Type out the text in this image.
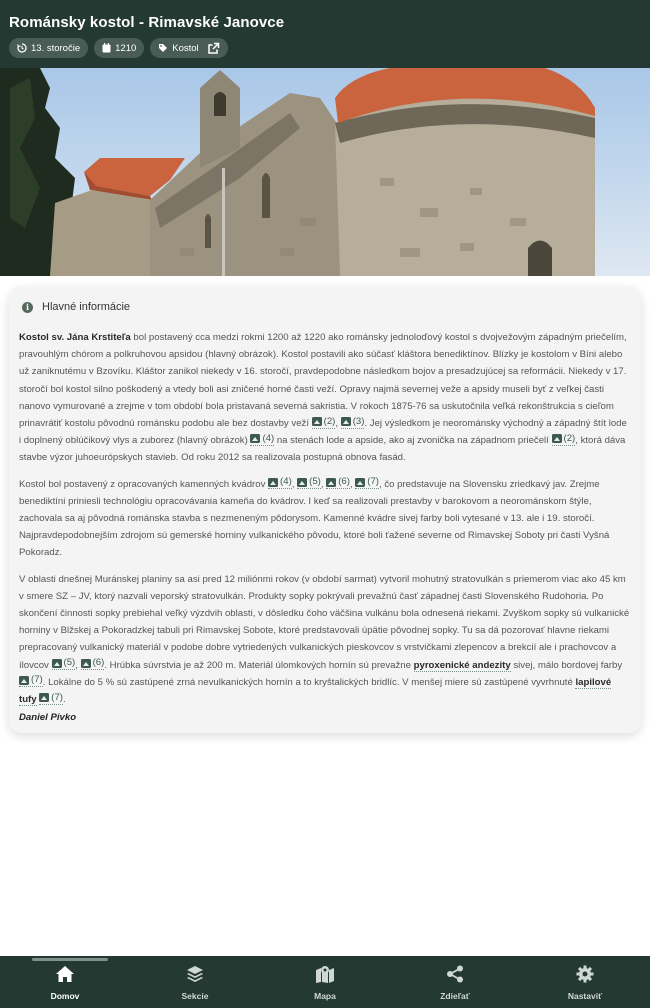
Románsky kostol - Rimavské Janovce
13. storočie	1210	Kostol
i	Hlavné informácie

Kostol sv. Jána Krstiteľa bol postavený cca medzi rokmi 1200 až 1220 ako románsky jednoloďový kostol s dvojvežovým západným priečelím, pravouhlým chórom a polkruhovou apsidou (hlavný obrázok). Kostol postavili ako súčasť kláštora benediktínov. Blízky je kostolom v Bíni alebo už zaniknutému v Bzovíku. Kláštor zanikol niekedy v 16. storočí, pravdepodobne následkom bojov a presadzujúcej sa reformácii. Niekedy v 17. storočí bol kostol silno poškodený a vtedy boli asi zničené horné časti veží. Opravy najmä severnej veže a apsidy museli byť z veľkej časti nanovo vymurované a zrejme v tom období bola pristavaná severná sakristia. V rokoch 1875-76 sa uskutočnila veľká rekonštrukcia s cieľom prinavrátiť kostolu pôvodnú románsku podobu ale bez dostavby veží (2) , (3) . Jej výsledkom je neorománsky východný a západný štít lode i doplnený oblúčikový vlys a zuborez (hlavný obrázok) (4) na stenách lode a apside, ako aj zvonička na západnom priečelí (2) , ktorá dáva stavbe výzor juhoeurópskych stavieb. Od roku 2012 sa realizovala postupná obnova fasád.

Kostol bol postavený z opracovaných kamenných kvádrov (4) , (5) , (6) , (7) , čo predstavuje na Slovensku zriedkavý jav. Zrejme benediktíni priniesli technológiu opracovávania kameňa do kvádrov. I keď sa realizovali prestavby v barokovom a neorománskom štýle, zachovala sa aj pôvodná románska stavba s nezmeneným pôdorysom. Kamenné kvádre sivej farby boli vytesané v 13. ale i 19. storočí. Najpravdepodobnejším zdrojom sú gemerské horniny vulkanického pôvodu, ktoré boli ťažené severne od Rimavskej Soboty pri časti Vyšná Pokoradz.

V oblasti dnešnej Muránskej planiny sa asi pred 12 miliónmi rokov (v období sarmat) vytvoril mohutný stratovulkán s priemerom viac ako 45 km v smere SZ – JV, ktorý nazvali veporský stratovulkán. Produkty sopky pokrývali prevažnú časť západnej časti Slovenského Rudohoria. Po skončení činnosti sopky prebiehal veľký výzdvih oblasti, v dôsledku čoho väčšina vulkánu bola odnesená riekami. Zvyškom sopky sú vulkanické horniny v Blžskej a Pokoradzkej tabuli pri Rimavskej Sobote, ktoré predstavovali úpätie pôvodnej sopky. Tu sa dá pozorovať hlavne riekami prepracovaný vulkanický materiál v podobe dobre vytriedených vulkanických pieskovcov s vrstvičkami zlepencov a brekcií ale i prachovcov a ílovcov (5) , (6) . Hrúbka súvrstvia je až 200 m. Materiál úlomkových hornín sú prevažne pyroxenické andezity sivej, málo bordovej farby
(7) . Lokálne do 5 % sú zastúpené zrná nevulkanických hornín a to kryštalických bridlíc. V menšej miere sú zastúpené vyvrhnuté lapilové tufy (7) .

Daniel Pivko
Domov	Sekcie	Mapa	Zdieľať	Nastaviť
